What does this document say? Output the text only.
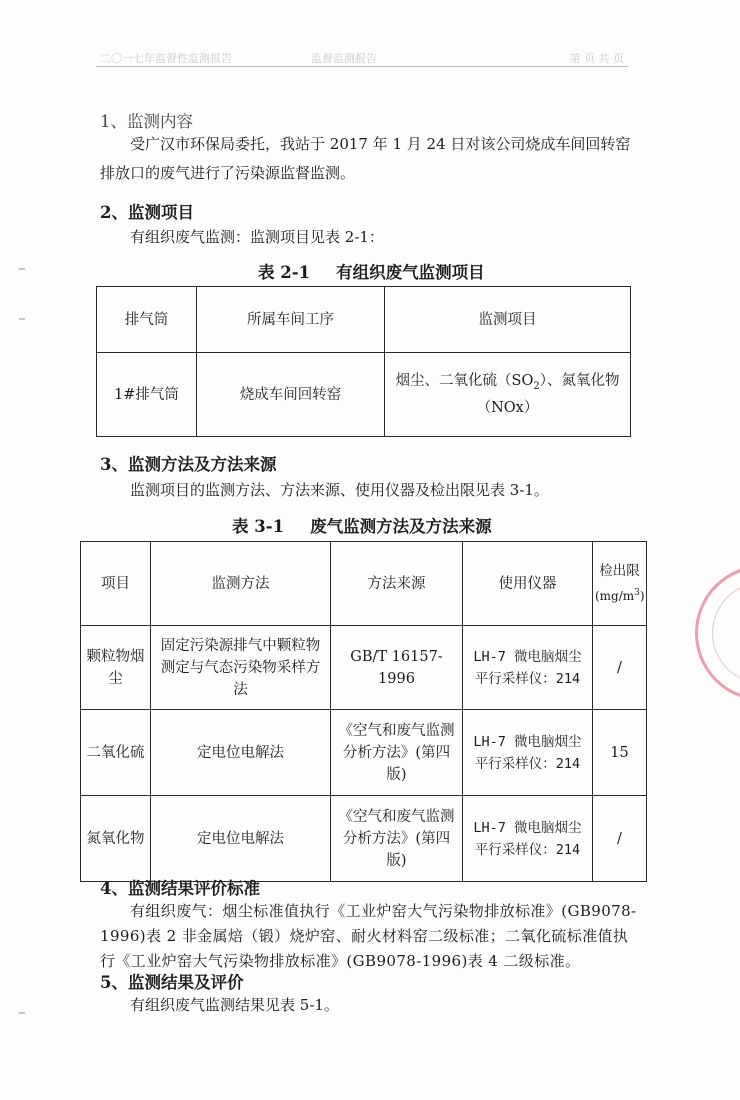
二〇一七年监督性监测报告	监督监测报告	第 页 共 页
1、监测内容
受广汉市环保局委托，我站于 2017 年 1 月 24 日对该公司烧成车间回转窑排放口的废气进行了污染源监督监测。
2、监测项目
有组织废气监测：监测项目见表 2-1：
表 2-1 有组织废气监测项目
排气筒	所属车间工序	监测项目
1#排气筒	烧成车间回转窑	烟尘、二氧化硫$(SO_2)$、氮氧化物
（NOx）
3、监测方法及方法来源
监测项目的监测方法、方法来源、使用仪器及检出限见表 3-1。
表 3-1 废气监测方法及方法来源
项目	监测方法	方法来源	使用仪器	检出限
$(mg/m^3)$
颗粒物烟尘	固定污染源排气中颗粒物测定与气态污染物采样方法	GB/T 16157-1996	LH-7 微电脑烟尘平行采样仪：214	/
二氧化硫	定电位电解法	《空气和废气监测分析方法》(第四版)	LH-7 微电脑烟尘平行采样仪：214	15
氮氧化物	定电位电解法	《空气和废气监测分析方法》(第四版)	LH-7 微电脑烟尘平行采样仪：214	/
4、监测结果评价标准
有组织废气：烟尘标准值执行《工业炉窑大气污染物排放标准》(GB9078-1996)表 2 非金属焙（锻）烧炉窑、耐火材料窑二级标准；二氧化硫标准值执行《工业炉窑大气污染物排放标准》(GB9078-1996)表 4 二级标准。
5、监测结果及评价
有组织废气监测结果见表 5-1。
